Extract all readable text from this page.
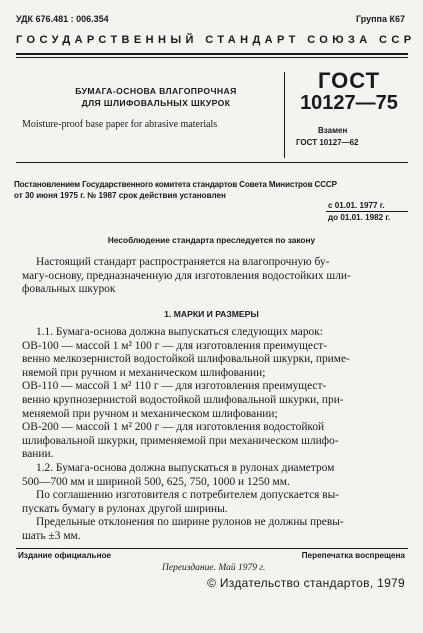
УДК 676.481 : 006.354	Группа К67
ГОСУДАРСТВЕННЫЙ СТАНДАРТ СОЮЗА ССР
БУМАГА-ОСНОВА ВЛАГОПРОЧНАЯ
ДЛЯ ШЛИФОВАЛЬНЫХ ШКУРОК
Moisture-proof base paper for abrasive materials
ГОСТ
10127—75
Взамен
ГОСТ 10127—62
Постановлением Государственного комитета стандартов Совета Министров СССР
от 30 июня 1975 г. № 1987 срок действия установлен
с 01.01. 1977 г.
до 01.01. 1982 г.
Несоблюдение стандарта преследуется по закону

Настоящий стандарт распространяется на влагопрочную бу-

магу-основу, предназначенную для изготовления водостойких шли-

фовальных шкурок

1. МАРКИ И РАЗМЕРЫ

1.1. Бумага-основа должна выпускаться следующих марок:

ОВ-100 — массой 1 м² 100 г — для изготовления преимущест-

венно мелкозернистой водостойкой шлифовальной шкурки, приме-

няемой при ручном и механическом шлифовании;

ОВ-110 — массой 1 м² 110 г — для изготовления преимущест-

венно крупнозернистой водостойкой шлифовальной шкурки, при-

меняемой при ручном и механическом шлифовании;

ОВ-200 — массой 1 м² 200 г — для изготовления водостойкой

шлифовальной шкурки, применяемой при механическом шлифо-

вании.

1.2. Бумага-основа должна выпускаться в рулонах диаметром

500—700 мм и шириной 500, 625, 750, 1000 и 1250 мм.

По соглашению изготовителя с потребителем допускается вы-

пускать бумагу в рулонах другой ширины.

Предельные отклонения по ширине рулонов не должны превы-

шать ±3 мм.

Издание официальное	Перепечатка воспрещена
Переиздание. Май 1979 г.
© Издательство стандартов, 1979
